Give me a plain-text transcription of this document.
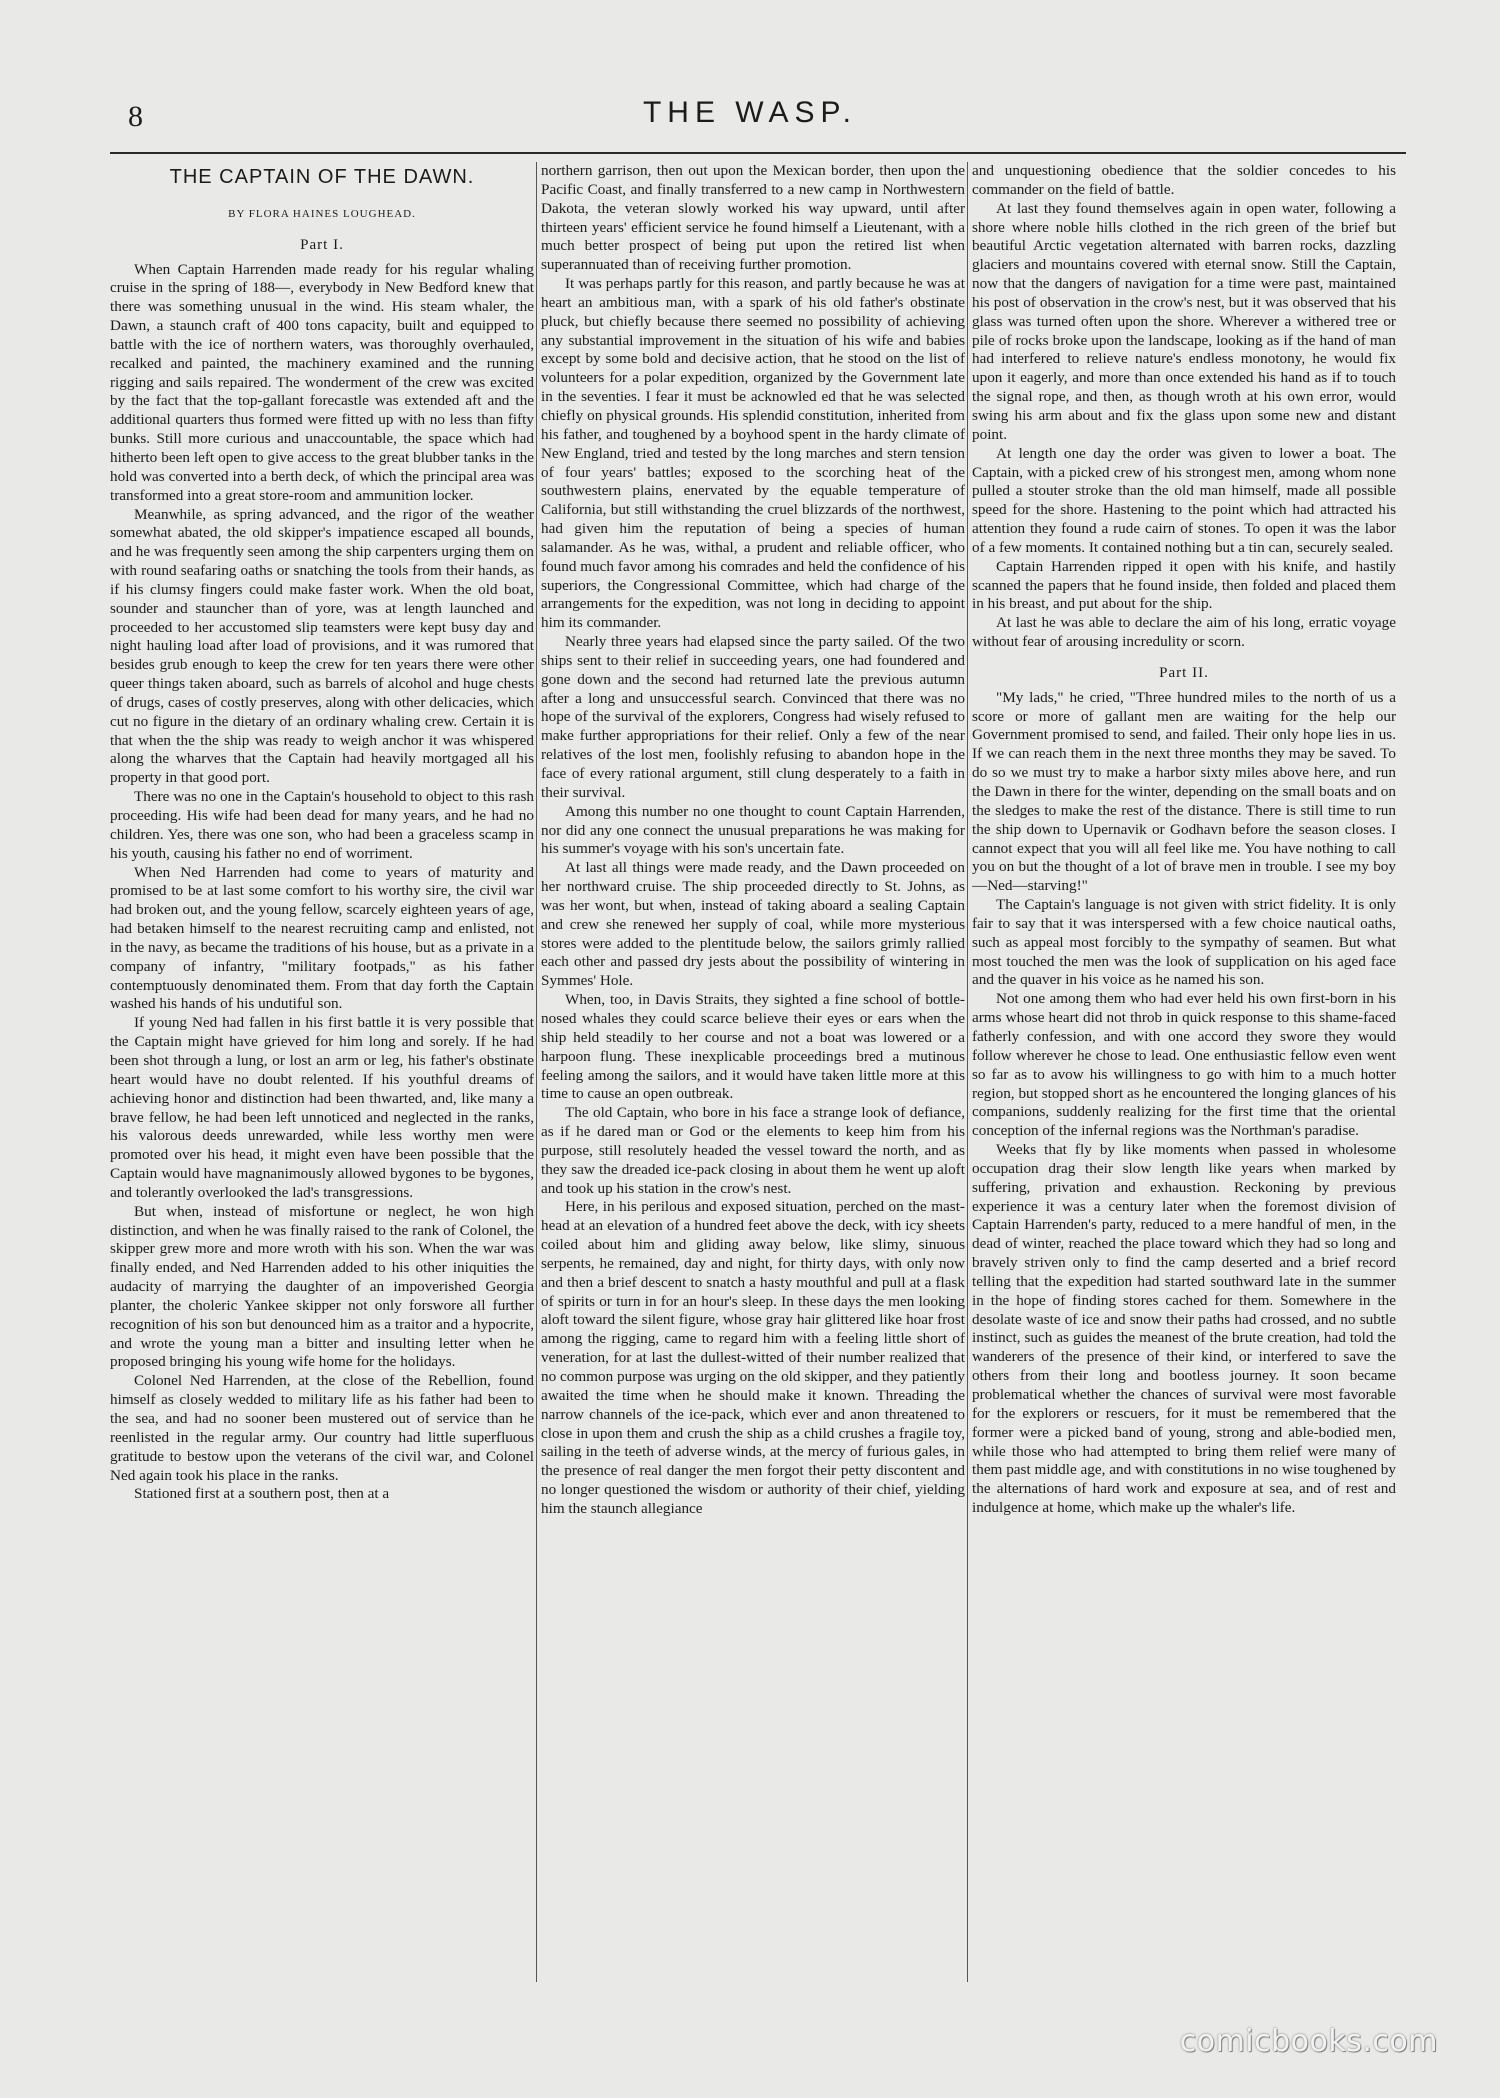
8	THE WASP.
THE CAPTAIN OF THE DAWN.
BY FLORA HAINES LOUGHEAD.
Part I.

When Captain Harrenden made ready for his regular whaling cruise in the spring of 188—, everybody in New Bedford knew that there was something unusual in the wind. His steam whaler, the Dawn, a staunch craft of 400 tons capacity, built and equipped to battle with the ice of northern waters, was thoroughly overhauled, recalked and painted, the machinery examined and the running rigging and sails repaired. The wonderment of the crew was excited by the fact that the top-gallant forecastle was extended aft and the additional quarters thus formed were fitted up with no less than fifty bunks. Still more curious and unaccountable, the space which had hitherto been left open to give access to the great blubber tanks in the hold was converted into a berth deck, of which the principal area was transformed into a great store-room and ammunition locker.

Meanwhile, as spring advanced, and the rigor of the weather somewhat abated, the old skipper's impatience escaped all bounds, and he was frequently seen among the ship carpenters urging them on with round seafaring oaths or snatching the tools from their hands, as if his clumsy fingers could make faster work. When the old boat, sounder and stauncher than of yore, was at length launched and proceeded to her accustomed slip teamsters were kept busy day and night hauling load after load of provisions, and it was rumored that besides grub enough to keep the crew for ten years there were other queer things taken aboard, such as barrels of alcohol and huge chests of drugs, cases of costly preserves, along with other delicacies, which cut no figure in the dietary of an ordinary whaling crew. Certain it is that when the the ship was ready to weigh anchor it was whispered along the wharves that the Captain had heavily mortgaged all his property in that good port.

There was no one in the Captain's household to object to this rash proceeding. His wife had been dead for many years, and he had no children. Yes, there was one son, who had been a graceless scamp in his youth, causing his father no end of worriment.

When Ned Harrenden had come to years of maturity and promised to be at last some comfort to his worthy sire, the civil war had broken out, and the young fellow, scarcely eighteen years of age, had betaken himself to the nearest recruiting camp and enlisted, not in the navy, as became the traditions of his house, but as a private in a company of infantry, "military footpads," as his father contemptuously denominated them. From that day forth the Captain washed his hands of his undutiful son.

If young Ned had fallen in his first battle it is very possible that the Captain might have grieved for him long and sorely. If he had been shot through a lung, or lost an arm or leg, his father's obstinate heart would have no doubt relented. If his youthful dreams of achieving honor and distinction had been thwarted, and, like many a brave fellow, he had been left unnoticed and neglected in the ranks, his valorous deeds unrewarded, while less worthy men were promoted over his head, it might even have been possible that the Captain would have magnanimously allowed bygones to be bygones, and tolerantly overlooked the lad's transgressions.

But when, instead of misfortune or neglect, he won high distinction, and when he was finally raised to the rank of Colonel, the skipper grew more and more wroth with his son. When the war was finally ended, and Ned Harrenden added to his other iniquities the audacity of marrying the daughter of an impoverished Georgia planter, the choleric Yankee skipper not only forswore all further recognition of his son but denounced him as a traitor and a hypocrite, and wrote the young man a bitter and insulting letter when he proposed bringing his young wife home for the holidays.

Colonel Ned Harrenden, at the close of the Rebellion, found himself as closely wedded to military life as his father had been to the sea, and had no sooner been mustered out of service than he reenlisted in the regular army. Our country had little superfluous gratitude to bestow upon the veterans of the civil war, and Colonel Ned again took his place in the ranks.

Stationed first at a southern post, then at a

northern garrison, then out upon the Mexican border, then upon the Pacific Coast, and finally transferred to a new camp in Northwestern Dakota, the veteran slowly worked his way upward, until after thirteen years' efficient service he found himself a Lieutenant, with a much better prospect of being put upon the retired list when superannuated than of receiving further promotion.

It was perhaps partly for this reason, and partly because he was at heart an ambitious man, with a spark of his old father's obstinate pluck, but chiefly because there seemed no possibility of achieving any substantial improvement in the situation of his wife and babies except by some bold and decisive action, that he stood on the list of volunteers for a polar expedition, organized by the Government late in the seventies. I fear it must be acknowled ed that he was selected chiefly on physical grounds. His splendid constitution, inherited from his father, and toughened by a boyhood spent in the hardy climate of New England, tried and tested by the long marches and stern tension of four years' battles; exposed to the scorching heat of the southwestern plains, enervated by the equable temperature of California, but still withstanding the cruel blizzards of the northwest, had given him the reputation of being a species of human salamander. As he was, withal, a prudent and reliable officer, who found much favor among his comrades and held the confidence of his superiors, the Congressional Committee, which had charge of the arrangements for the expedition, was not long in deciding to appoint him its commander.

Nearly three years had elapsed since the party sailed. Of the two ships sent to their relief in succeeding years, one had foundered and gone down and the second had returned late the previous autumn after a long and unsuccessful search. Convinced that there was no hope of the survival of the explorers, Congress had wisely refused to make further appropriations for their relief. Only a few of the near relatives of the lost men, foolishly refusing to abandon hope in the face of every rational argument, still clung desperately to a faith in their survival.

Among this number no one thought to count Captain Harrenden, nor did any one connect the unusual preparations he was making for his summer's voyage with his son's uncertain fate.

At last all things were made ready, and the Dawn proceeded on her northward cruise. The ship proceeded directly to St. Johns, as was her wont, but when, instead of taking aboard a sealing Captain and crew she renewed her supply of coal, while more mysterious stores were added to the plentitude below, the sailors grimly rallied each other and passed dry jests about the possibility of wintering in Symmes' Hole.

When, too, in Davis Straits, they sighted a fine school of bottle-nosed whales they could scarce believe their eyes or ears when the ship held steadily to her course and not a boat was lowered or a harpoon flung. These inexplicable proceedings bred a mutinous feeling among the sailors, and it would have taken little more at this time to cause an open outbreak.

The old Captain, who bore in his face a strange look of defiance, as if he dared man or God or the elements to keep him from his purpose, still resolutely headed the vessel toward the north, and as they saw the dreaded ice-pack closing in about them he went up aloft and took up his station in the crow's nest.

Here, in his perilous and exposed situation, perched on the mast-head at an elevation of a hundred feet above the deck, with icy sheets coiled about him and gliding away below, like slimy, sinuous serpents, he remained, day and night, for thirty days, with only now and then a brief descent to snatch a hasty mouthful and pull at a flask of spirits or turn in for an hour's sleep. In these days the men looking aloft toward the silent figure, whose gray hair glittered like hoar frost among the rigging, came to regard him with a feeling little short of veneration, for at last the dullest-witted of their number realized that no common purpose was urging on the old skipper, and they patiently awaited the time when he should make it known. Threading the narrow channels of the ice-pack, which ever and anon threatened to close in upon them and crush the ship as a child crushes a fragile toy, sailing in the teeth of adverse winds, at the mercy of furious gales, in the presence of real danger the men forgot their petty discontent and no longer questioned the wisdom or authority of their chief, yielding him the staunch allegiance

and unquestioning obedience that the soldier concedes to his commander on the field of battle.

At last they found themselves again in open water, following a shore where noble hills clothed in the rich green of the brief but beautiful Arctic vegetation alternated with barren rocks, dazzling glaciers and mountains covered with eternal snow. Still the Captain, now that the dangers of navigation for a time were past, maintained his post of observation in the crow's nest, but it was observed that his glass was turned often upon the shore. Wherever a withered tree or pile of rocks broke upon the landscape, looking as if the hand of man had interfered to relieve nature's endless monotony, he would fix upon it eagerly, and more than once extended his hand as if to touch the signal rope, and then, as though wroth at his own error, would swing his arm about and fix the glass upon some new and distant point.

At length one day the order was given to lower a boat. The Captain, with a picked crew of his strongest men, among whom none pulled a stouter stroke than the old man himself, made all possible speed for the shore. Hastening to the point which had attracted his attention they found a rude cairn of stones. To open it was the labor of a few moments. It contained nothing but a tin can, securely sealed.

Captain Harrenden ripped it open with his knife, and hastily scanned the papers that he found inside, then folded and placed them in his breast, and put about for the ship.

At last he was able to declare the aim of his long, erratic voyage without fear of arousing incredulity or scorn.

Part II.

"My lads," he cried, "Three hundred miles to the north of us a score or more of gallant men are waiting for the help our Government promised to send, and failed. Their only hope lies in us. If we can reach them in the next three months they may be saved. To do so we must try to make a harbor sixty miles above here, and run the Dawn in there for the winter, depending on the small boats and on the sledges to make the rest of the distance. There is still time to run the ship down to Upernavik or Godhavn before the season closes. I cannot expect that you will all feel like me. You have nothing to call you on but the thought of a lot of brave men in trouble. I see my boy—Ned—starving!"

The Captain's language is not given with strict fidelity. It is only fair to say that it was interspersed with a few choice nautical oaths, such as appeal most forcibly to the sympathy of seamen. But what most touched the men was the look of supplication on his aged face and the quaver in his voice as he named his son.

Not one among them who had ever held his own first-born in his arms whose heart did not throb in quick response to this shame-faced fatherly confession, and with one accord they swore they would follow wherever he chose to lead. One enthusiastic fellow even went so far as to avow his willingness to go with him to a much hotter region, but stopped short as he encountered the longing glances of his companions, suddenly realizing for the first time that the oriental conception of the infernal regions was the Northman's paradise.

Weeks that fly by like moments when passed in wholesome occupation drag their slow length like years when marked by suffering, privation and exhaustion. Reckoning by previous experience it was a century later when the foremost division of Captain Harrenden's party, reduced to a mere handful of men, in the dead of winter, reached the place toward which they had so long and bravely striven only to find the camp deserted and a brief record telling that the expedition had started southward late in the summer in the hope of finding stores cached for them. Somewhere in the desolate waste of ice and snow their paths had crossed, and no subtle instinct, such as guides the meanest of the brute creation, had told the wanderers of the presence of their kind, or interfered to save the others from their long and bootless journey. It soon became problematical whether the chances of survival were most favorable for the explorers or rescuers, for it must be remembered that the former were a picked band of young, strong and able-bodied men, while those who had attempted to bring them relief were many of them past middle age, and with constitutions in no wise toughened by the alternations of hard work and exposure at sea, and of rest and indulgence at home, which make up the whaler's life.

comicbooks.com
